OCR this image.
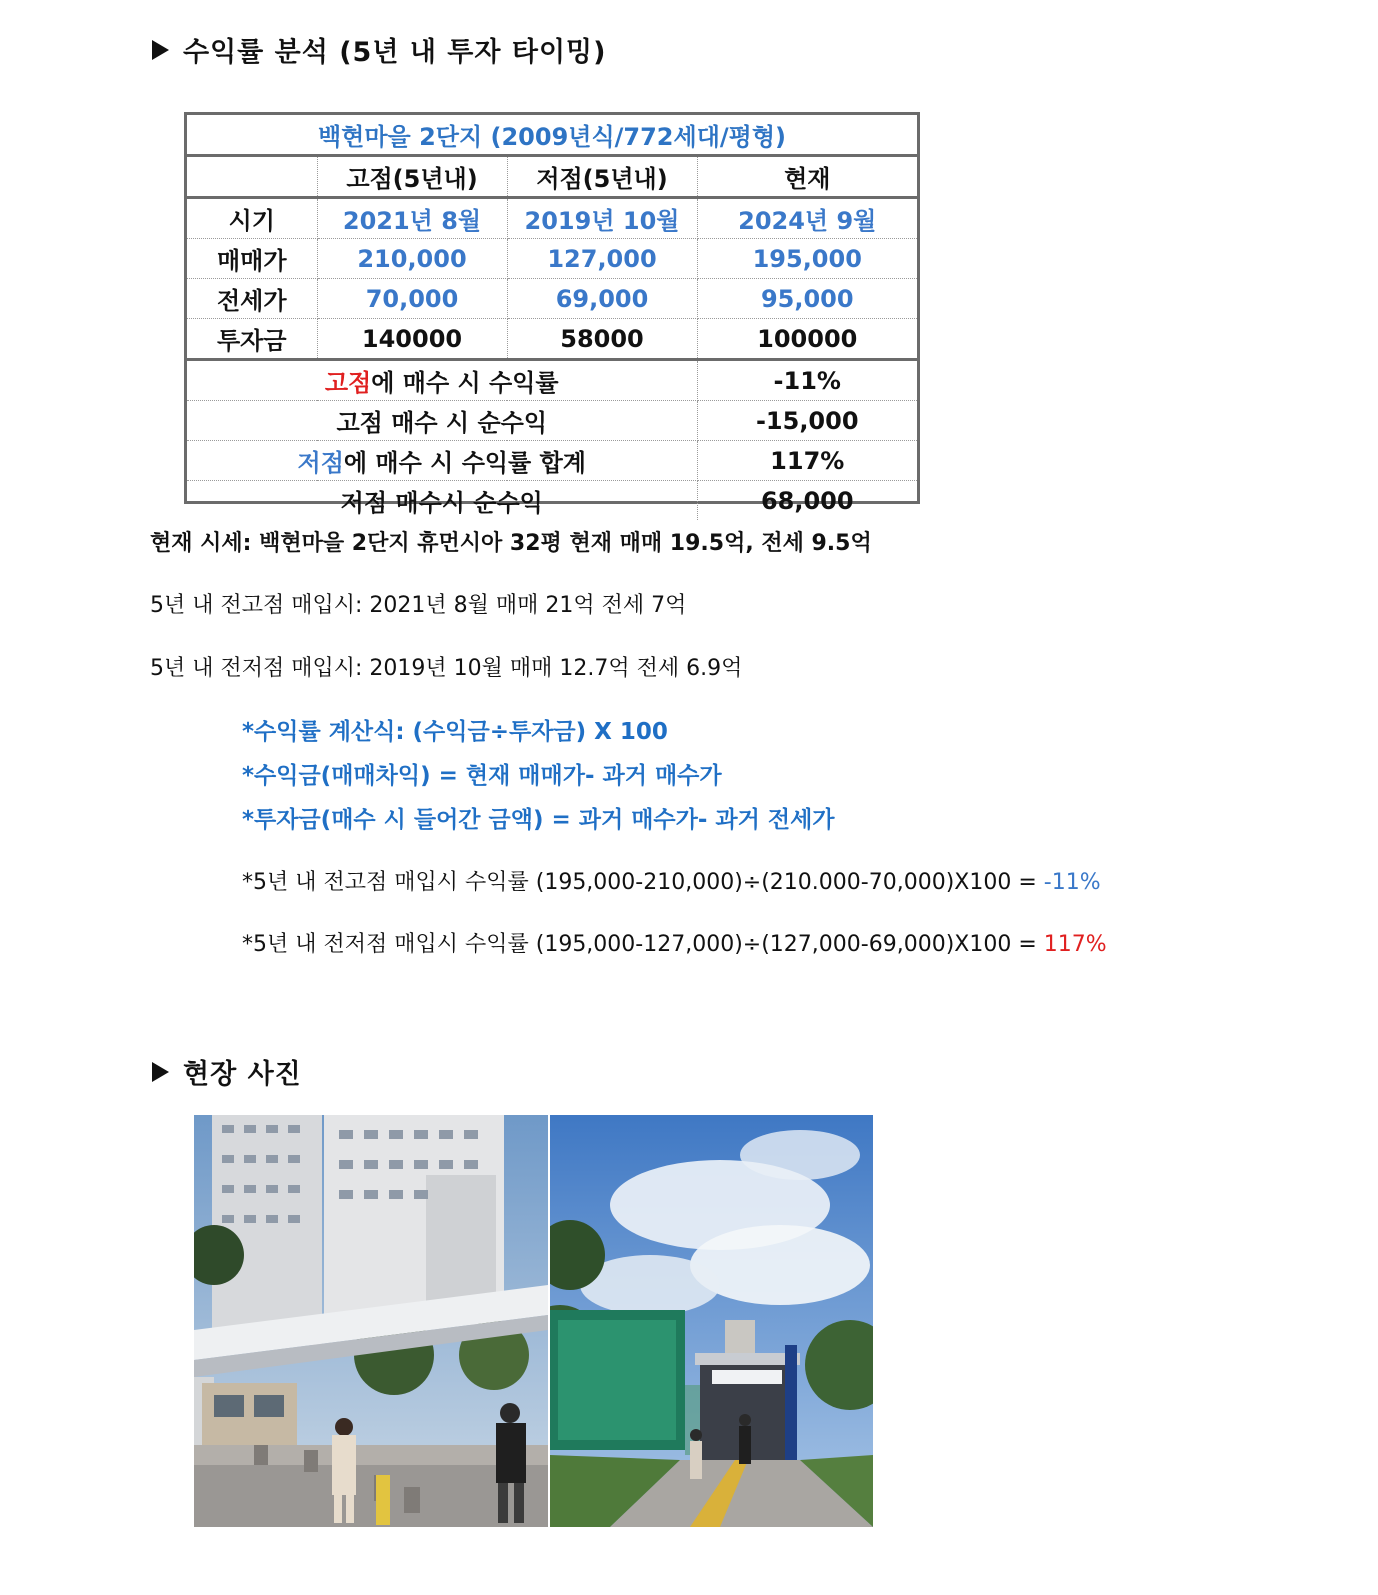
수익률 분석 (5년 내 투자 타이밍)
백현마을 2단지 (2009년식/772세대/평형)			
	고점(5년내)	저점(5년내)	현재
시기	2021년 8월	2019년 10월	2024년 9월
매매가	210,000	127,000	195,000
전세가	70,000	69,000	95,000
투자금	140000	58000	100000
고점에 매수 시 수익률			-11%
고점 매수 시 순수익			-15,000
저점에 매수 시 수익률 합계			117%
저점 매수시 순수익			68,000
현재 시세: 백현마을 2단지 휴먼시아 32평 현재 매매 19.5억, 전세 9.5억
5년 내 전고점 매입시: 2021년 8월 매매 21억 전세 7억
5년 내 전저점 매입시: 2019년 10월 매매 12.7억 전세 6.9억
*수익률 계산식: (수익금÷투자금) X 100
*수익금(매매차익) = 현재 매매가- 과거 매수가
*투자금(매수 시 들어간 금액) = 과거 매수가- 과거 전세가
*5년 내 전고점 매입시 수익률 (195,000-210,000)÷(210.000-70,000)X100 = -11%
*5년 내 전저점 매입시 수익률 (195,000-127,000)÷(127,000-69,000)X100 = 117%
현장 사진
